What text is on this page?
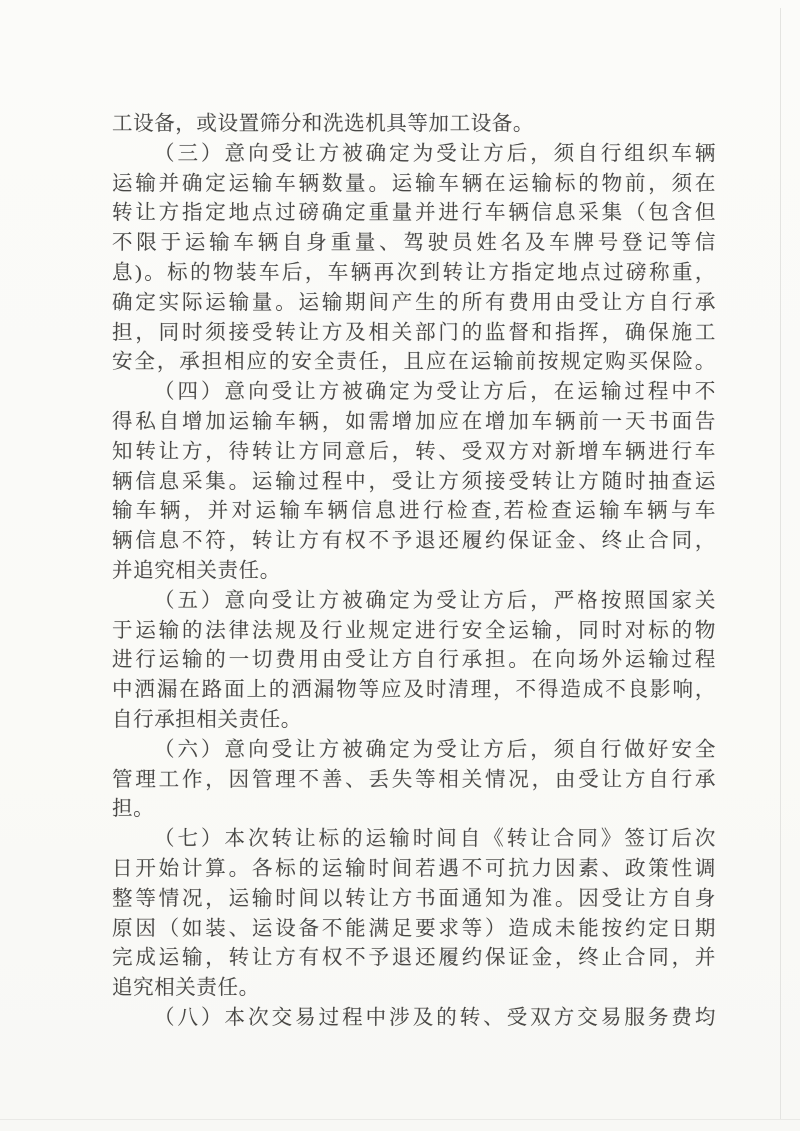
工设备，或设置筛分和洗选机具等加工设备。
（三）意向受让方被确定为受让方后，须自行组织车辆
运输并确定运输车辆数量。运输车辆在运输标的物前，须在
转让方指定地点过磅确定重量并进行车辆信息采集（包含但
不限于运输车辆自身重量、驾驶员姓名及车牌号登记等信
息)。标的物装车后，车辆再次到转让方指定地点过磅称重，
确定实际运输量。运输期间产生的所有费用由受让方自行承
担，同时须接受转让方及相关部门的监督和指挥，确保施工
安全，承担相应的安全责任，且应在运输前按规定购买保险。
（四）意向受让方被确定为受让方后，在运输过程中不
得私自增加运输车辆，如需增加应在增加车辆前一天书面告
知转让方，待转让方同意后，转、受双方对新增车辆进行车
辆信息采集。运输过程中，受让方须接受转让方随时抽查运
输车辆，并对运输车辆信息进行检查,若检查运输车辆与车
辆信息不符，转让方有权不予退还履约保证金、终止合同，
并追究相关责任。
（五）意向受让方被确定为受让方后，严格按照国家关
于运输的法律法规及行业规定进行安全运输，同时对标的物
进行运输的一切费用由受让方自行承担。在向场外运输过程
中洒漏在路面上的洒漏物等应及时清理，不得造成不良影响，
自行承担相关责任。
（六）意向受让方被确定为受让方后，须自行做好安全
管理工作，因管理不善、丢失等相关情况，由受让方自行承
担。
（七）本次转让标的运输时间自《转让合同》签订后次
日开始计算。各标的运输时间若遇不可抗力因素、政策性调
整等情况，运输时间以转让方书面通知为准。因受让方自身
原因（如装、运设备不能满足要求等）造成未能按约定日期
完成运输，转让方有权不予退还履约保证金，终止合同，并
追究相关责任。
（八）本次交易过程中涉及的转、受双方交易服务费均
